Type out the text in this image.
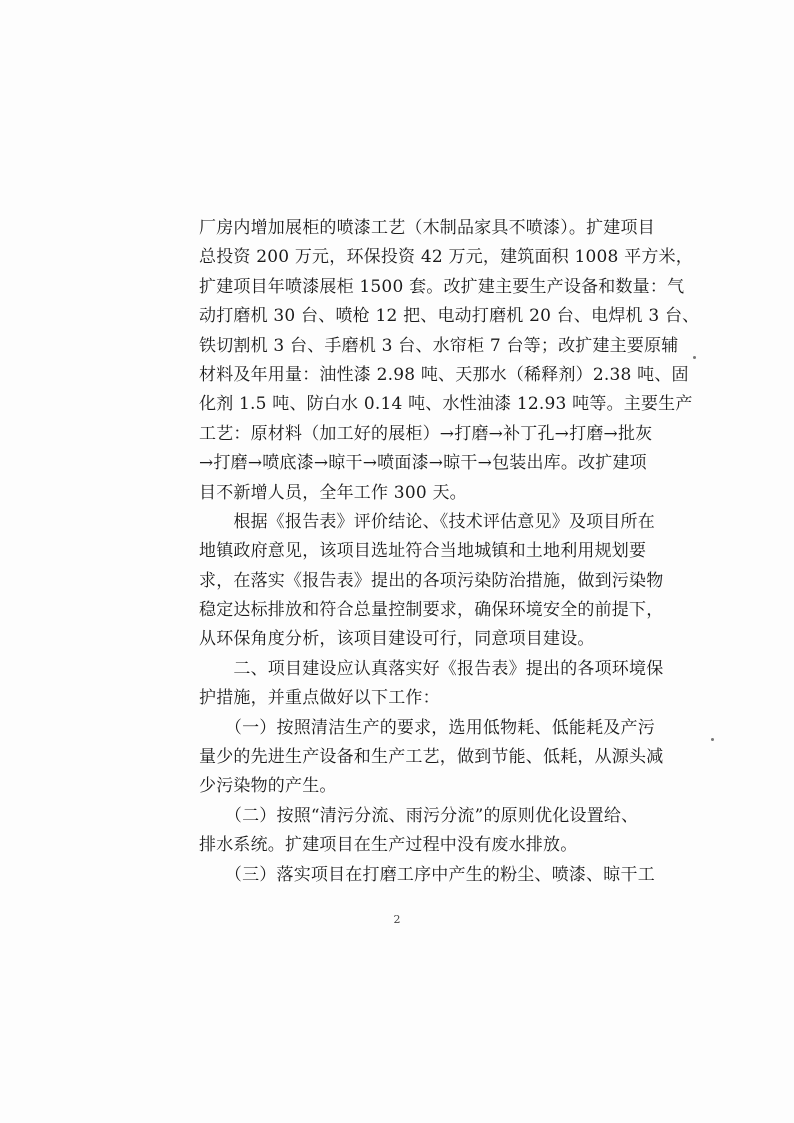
厂房内增加展柜的喷漆工艺（木制品家具不喷漆）。扩建项目
总投资 200 万元，环保投资 42 万元，建筑面积 1008 平方米，
扩建项目年喷漆展柜 1500 套。改扩建主要生产设备和数量：气
动打磨机 30 台、喷枪 12 把、电动打磨机 20 台、电焊机 3 台、
铁切割机 3 台、手磨机 3 台、水帘柜 7 台等；改扩建主要原辅
材料及年用量：油性漆 2.98 吨、天那水（稀释剂）2.38 吨、固
化剂 1.5 吨、防白水 0.14 吨、水性油漆 12.93 吨等。主要生产
工艺：原材料（加工好的展柜）→打磨→补丁孔→打磨→批灰
→打磨→喷底漆→晾干→喷面漆→晾干→包装出库。改扩建项
目不新增人员，全年工作 300 天。
　　根据《报告表》评价结论、《技术评估意见》及项目所在
地镇政府意见，该项目选址符合当地城镇和土地利用规划要
求，在落实《报告表》提出的各项污染防治措施，做到污染物
稳定达标排放和符合总量控制要求，确保环境安全的前提下，
从环保角度分析，该项目建设可行，同意项目建设。
　　二、项目建设应认真落实好《报告表》提出的各项环境保
护措施，并重点做好以下工作：
　　（一）按照清洁生产的要求，选用低物耗、低能耗及产污
量少的先进生产设备和生产工艺，做到节能、低耗，从源头减
少污染物的产生。
　　（二）按照“清污分流、雨污分流”的原则优化设置给、
排水系统。扩建项目在生产过程中没有废水排放。
　　（三）落实项目在打磨工序中产生的粉尘、喷漆、晾干工
2
